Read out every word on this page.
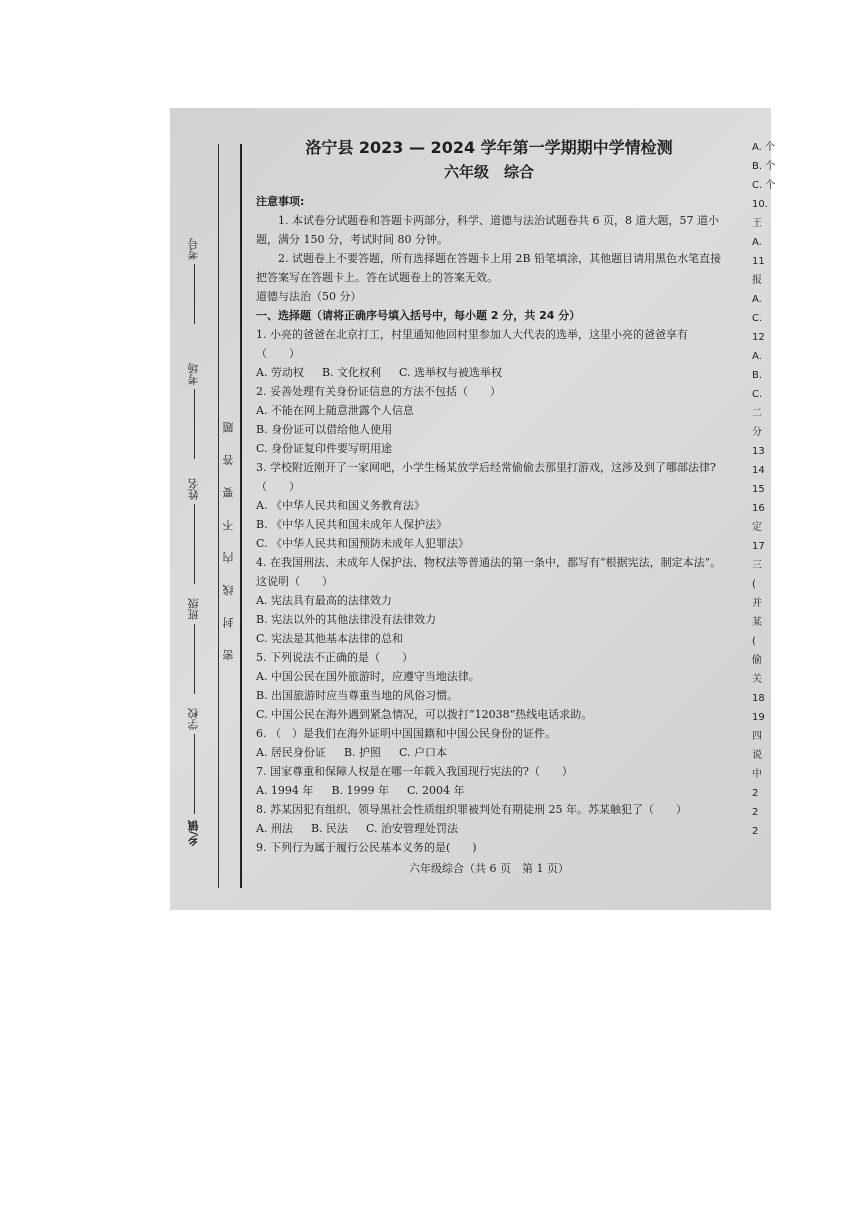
考号
考场
姓名
班级
学校
乡/镇
密 封 线 内 不 要 答 题
洛宁县 2023 — 2024 学年第一学期期中学情检测
六年级　综合
注意事项:
1. 本试卷分试题卷和答题卡两部分，科学、道德与法治试题卷共 6 页，8 道大题，57 道小题，满分 150 分，考试时间 80 分钟。
2. 试题卷上不要答题，所有选择题在答题卡上用 2B 铅笔填涂，其他题目请用黑色水笔直接把答案写在答题卡上。答在试题卷上的答案无效。
道德与法治（50 分）
一、选择题（请将正确序号填入括号中，每小题 2 分，共 24 分）
1. 小亮的爸爸在北京打工，村里通知他回村里参加人大代表的选举，这里小亮的爸爸享有（　　）
A. 劳动权 B. 文化权利 C. 选举权与被选举权
2. 妥善处理有关身份证信息的方法不包括（　　）
A. 不能在网上随意泄露个人信息
B. 身份证可以借给他人使用
C. 身份证复印件要写明用途
3. 学校附近刚开了一家网吧，小学生杨某放学后经常偷偷去那里打游戏，这涉及到了哪部法律?（　　）
A. 《中华人民共和国义务教育法》
B. 《中华人民共和国未成年人保护法》
C. 《中华人民共和国预防未成年人犯罪法》
4. 在我国刑法、未成年人保护法、物权法等普通法的第一条中，都写有“根据宪法，制定本法”。这说明（　　）
A. 宪法具有最高的法律效力
B. 宪法以外的其他法律没有法律效力
C. 宪法是其他基本法律的总和
5. 下列说法不正确的是（　　）
A. 中国公民在国外旅游时，应遵守当地法律。
B. 出国旅游时应当尊重当地的风俗习惯。
C. 中国公民在海外遇到紧急情况，可以拨打“12038”热线电话求助。
6. （　）是我们在海外证明中国国籍和中国公民身份的证件。
A. 居民身份证 B. 护照 C. 户口本
7. 国家尊重和保障人权是在哪一年载入我国现行宪法的?（　　）
A. 1994 年 B. 1999 年 C. 2004 年
8. 苏某因犯有组织、领导黑社会性质组织罪被判处有期徒刑 25 年。苏某触犯了（　　）
A. 刑法 B. 民法 C. 治安管理处罚法
9. 下列行为属于履行公民基本义务的是(　　)
六年级综合（共 6 页　第 1 页）
A. 个
B. 个
C. 个
10.
王
A.
11
报
A.
C.
12
A.
B.
C.
二
分
13
14
15
16
定
17
三
(
并
某
(
偷
关
18
19
四
说
中
2
2
2
